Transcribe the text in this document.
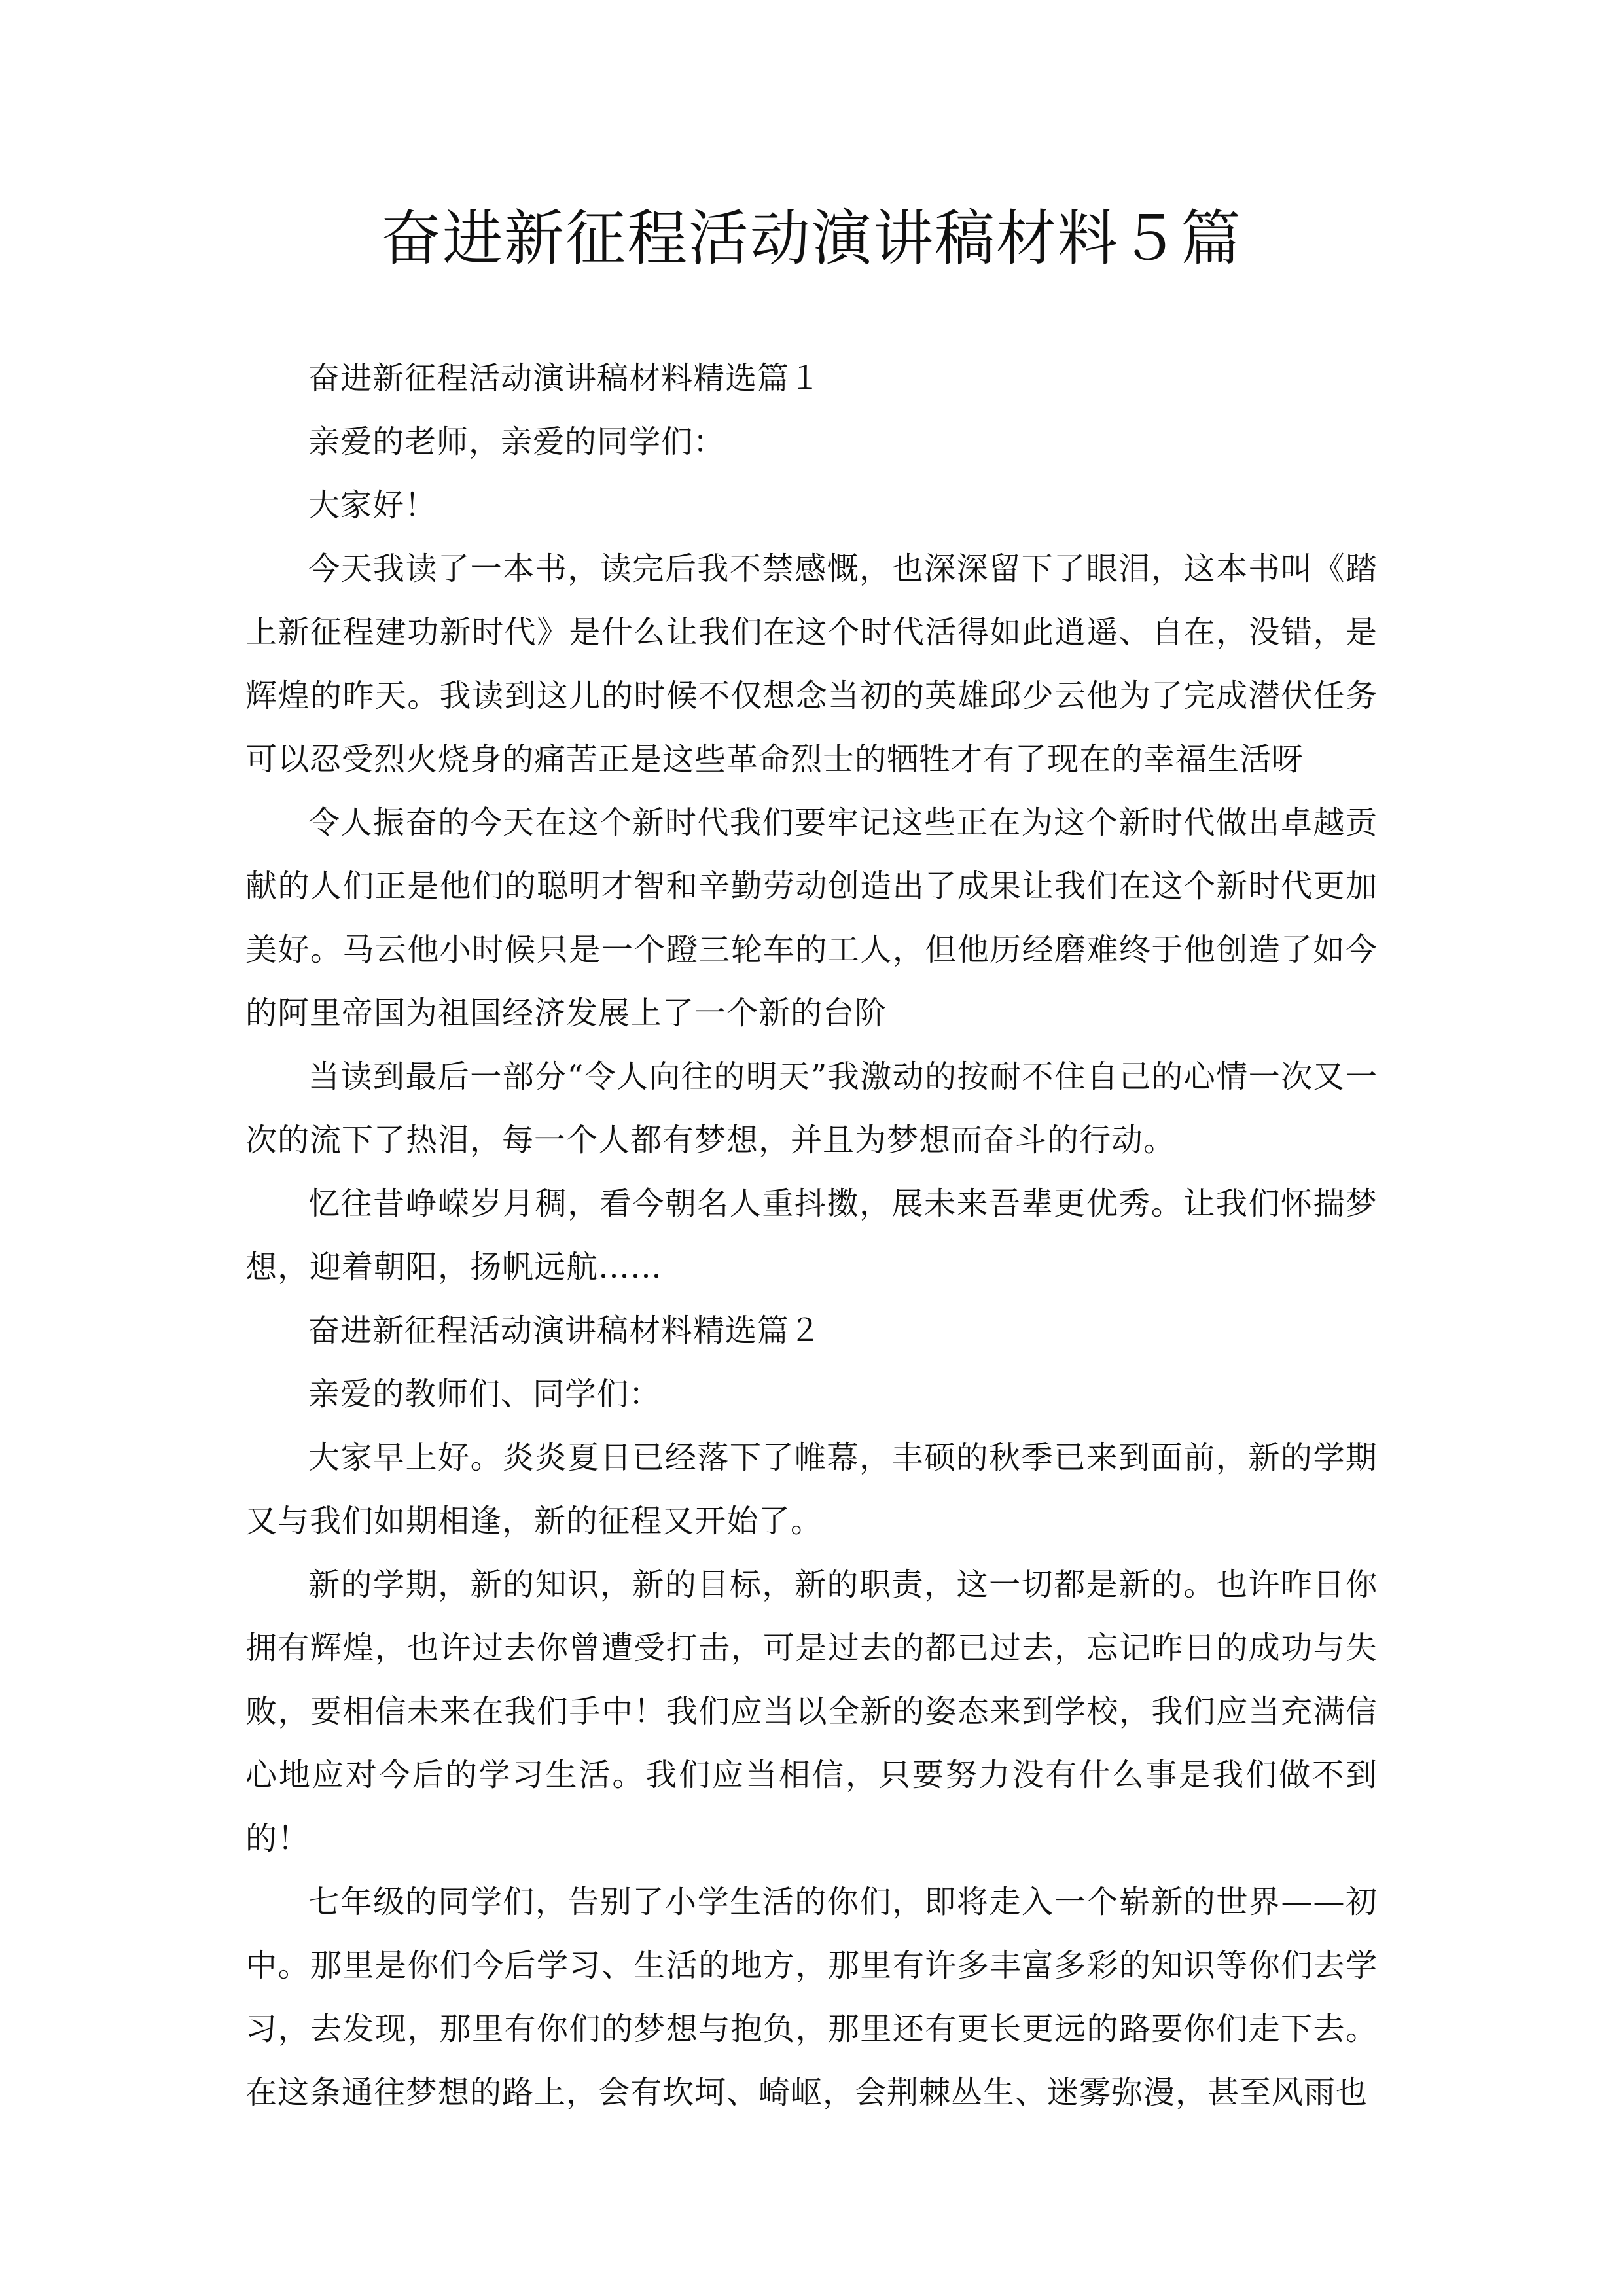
奋进新征程活动演讲稿材料５篇

奋进新征程活动演讲稿材料精选篇１

亲爱的老师，亲爱的同学们：

大家好！

今天我读了一本书，读完后我不禁感慨，也深深留下了眼泪，这本书叫《踏上新征程建功新时代》是什么让我们在这个时代活得如此逍遥、自在，没错，是辉煌的昨天。我读到这儿的时候不仅想念当初的英雄邱少云他为了完成潜伏任务可以忍受烈火烧身的痛苦正是这些革命烈士的牺牲才有了现在的幸福生活呀

令人振奋的今天在这个新时代我们要牢记这些正在为这个新时代做出卓越贡献的人们正是他们的聪明才智和辛勤劳动创造出了成果让我们在这个新时代更加美好。马云他小时候只是一个蹬三轮车的工人，但他历经磨难终于他创造了如今的阿里帝国为祖国经济发展上了一个新的台阶

当读到最后一部分“令人向往的明天”我激动的按耐不住自己的心情一次又一次的流下了热泪，每一个人都有梦想，并且为梦想而奋斗的行动。

忆往昔峥嵘岁月稠，看今朝名人重抖擞，展未来吾辈更优秀。让我们怀揣梦想，迎着朝阳，扬帆远航……

奋进新征程活动演讲稿材料精选篇２

亲爱的教师们、同学们：

大家早上好。炎炎夏日已经落下了帷幕，丰硕的秋季已来到面前，新的学期又与我们如期相逢，新的征程又开始了。

新的学期，新的知识，新的目标，新的职责，这一切都是新的。也许昨日你拥有辉煌，也许过去你曾遭受打击，可是过去的都已过去，忘记昨日的成功与失败，要相信未来在我们手中！我们应当以全新的姿态来到学校，我们应当充满信心地应对今后的学习生活。我们应当相信，只要努力没有什么事是我们做不到的！

七年级的同学们，告别了小学生活的你们，即将走入一个崭新的世界——初中。那里是你们今后学习、生活的地方，那里有许多丰富多彩的知识等你们去学习，去发现，那里有你们的梦想与抱负，那里还有更长更远的路要你们走下去。在这条通往梦想的路上，会有坎坷、崎岖，会荆棘丛生、迷雾弥漫，甚至风雨也
